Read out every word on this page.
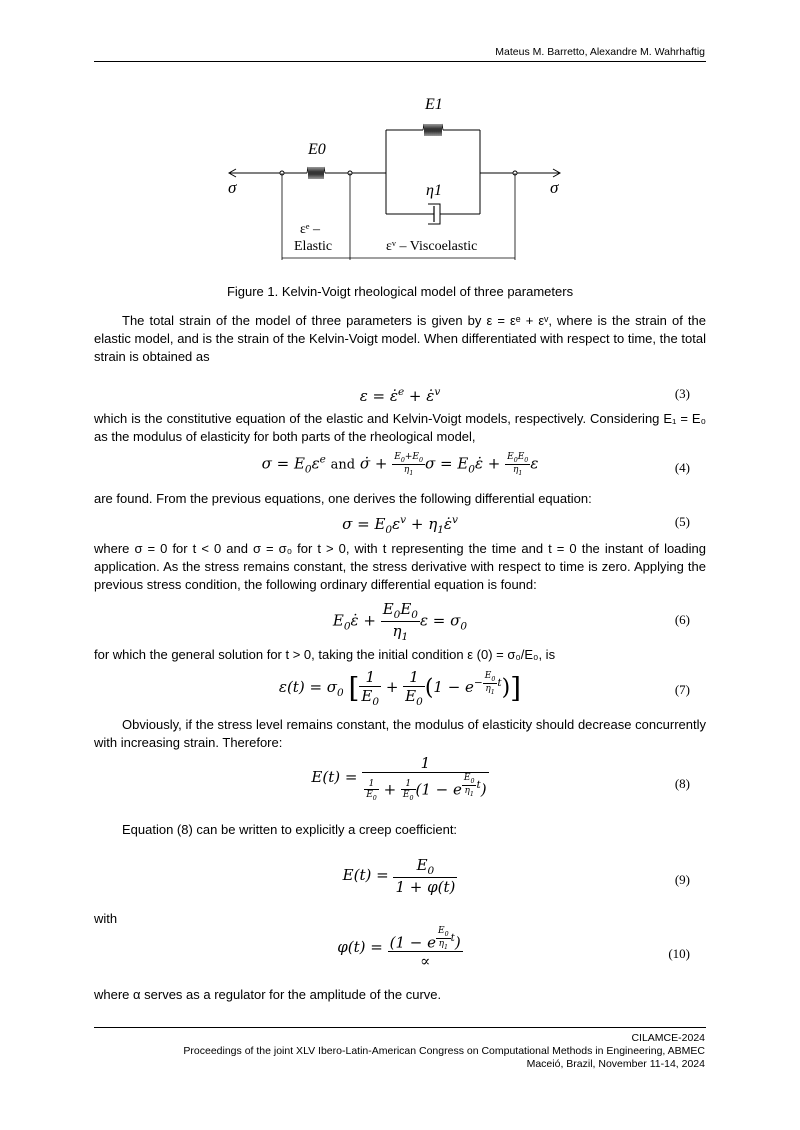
Mateus M. Barretto, Alexandre M. Wahrhaftig
E1
E0
σ	σ
η1
εᵉ –
Elastic	εᵛ – Viscoelastic
Figure 1. Kelvin-Voigt rheological model of three parameters

The total strain of the model of three parameters is given by ε = εᵉ + εᵛ, where is the strain of the elastic model, and is the strain of the Kelvin-Voigt model. When differentiated with respect to time, the total strain is obtained as

ε = ε̇$^e$ + ε̇$^v$	(3)

which is the constitutive equation of the elastic and Kelvin-Voigt models, respectively. Considering E₁ = E₀ as the modulus of elasticity for both parts of the rheological model,

$\sigma = E_0\varepsilon^e$ and σ̇ + $\frac{E_0+E_0}{\eta_1}$ $\sigma = E_0\varepsiloṅ + \frac{E_0E_0}{\eta_1}$ ε	(4)

are found. From the previous equations, one derives the following differential equation:

$\sigma = E_0\varepsilon^v$ + $\eta_1\varepsiloṅ^v$	(5)

where σ = 0 for t < 0 and σ = σ₀ for t > 0, with t representing the time and t = 0 the instant of loading application. As the stress remains constant, the stress derivative with respect to time is zero. Applying the previous stress condition, the following ordinary differential equation is found:

$E_0\varepsiloṅ + \frac{E_0E_0}{\eta_1}$ $\varepsilon = \sigma_0$	(6)

for which the general solution for t > 0, taking the initial condition ε (0) = σ₀/E₀, is

$\varepsilon(t) = \sigma_0$ [ $\frac{1}{E_0} + \frac{1}{E_0} (1 - e^{- \frac{E_0}{\eta_1} t})$]	(7)

Obviously, if the stress level remains constant, the modulus of elasticity should decrease concurrently with increasing strain. Therefore:

E(t) = 1
$\frac{1}{E_0} + \frac{1}{E_0} (1 - e$ $^{\frac{E_0}{\eta_1} t}$)	(8)

Equation (8) can be written to explicitly a creep coefficient:

$E(t) = \frac{E_0}{1 + \varphi(t)}$	(9)

with

φ(t) = (1 − e $^{\frac{E_0}{\eta_1} t}$)
∝	(10)

where α serves as a regulator for the amplitude of the curve.

CILAMCE-2024
Proceedings of the joint XLV Ibero-Latin-American Congress on Computational Methods in Engineering, ABMEC
Maceió, Brazil, November 11-14, 2024
